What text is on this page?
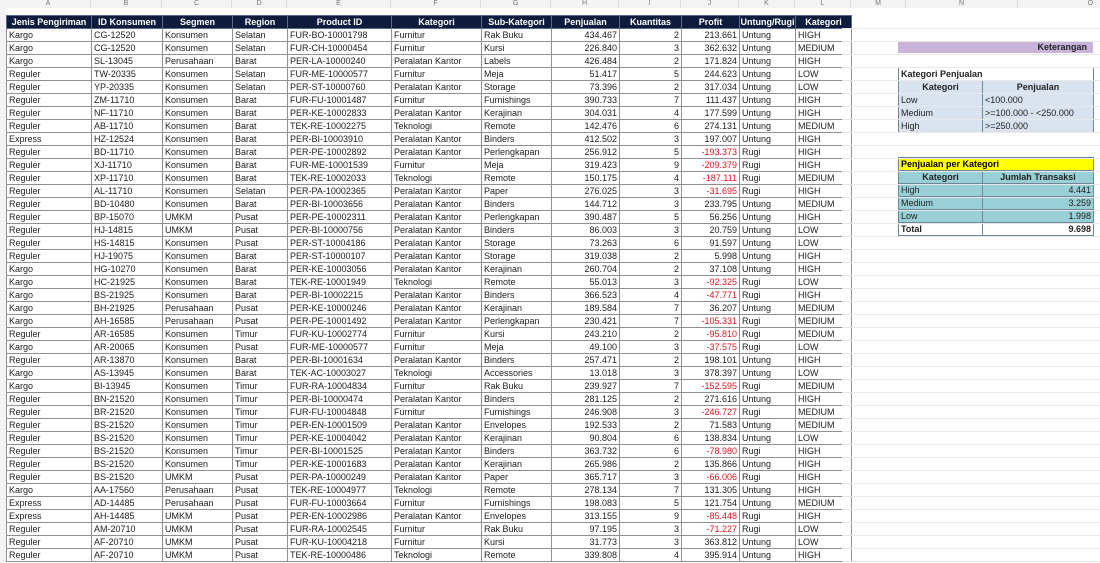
A	B	C	D	E	F	G	H	I	J	K	L	M	N	O
Jenis Pengiriman	ID Konsumen	Segmen	Region	Product ID	Kategori	Sub-Kategori	Penjualan	Kuantitas	Profit	Untung/Rugi	Kategori
Kargo	CG-12520	Konsumen	Selatan	FUR-BO-10001798	Furnitur	Rak Buku	434.467	2	213.661	Untung	HIGH
Kargo	CG-12520	Konsumen	Selatan	FUR-CH-10000454	Furnitur	Kursi	226.840	3	362.632	Untung	MEDIUM
Kargo	SL-13045	Perusahaan	Barat	PER-LA-10000240	Peralatan Kantor	Labels	426.484	2	171.824	Untung	HIGH
Reguler	TW-20335	Konsumen	Selatan	FUR-ME-10000577	Furnitur	Meja	51.417	5	244.623	Untung	LOW
Reguler	YP-20335	Konsumen	Selatan	PER-ST-10000760	Peralatan Kantor	Storage	73.396	2	317.034	Untung	LOW
Reguler	ZM-11710	Konsumen	Barat	FUR-FU-10001487	Furnitur	Furnishings	390.733	7	111.437	Untung	HIGH
Reguler	NF-11710	Konsumen	Barat	PER-KE-10002833	Peralatan Kantor	Kerajinan	304.031	4	177.599	Untung	HIGH
Reguler	AB-11710	Konsumen	Barat	TEK-RE-10002275	Teknologi	Remote	142.476	6	274.131	Untung	MEDIUM
Express	HZ-12524	Konsumen	Barat	PER-BI-10003910	Peralatan Kantor	Binders	412.502	3	197.007	Untung	HIGH
Reguler	BD-11710	Konsumen	Barat	PER-PE-10002892	Peralatan Kantor	Perlengkapan	256.912	5	-193.373	Rugi	HIGH
Reguler	XJ-11710	Konsumen	Barat	FUR-ME-10001539	Furnitur	Meja	319.423	9	-209.379	Rugi	HIGH
Reguler	XP-11710	Konsumen	Barat	TEK-RE-10002033	Teknologi	Remote	150.175	4	-187.111	Rugi	MEDIUM
Reguler	AL-11710	Konsumen	Selatan	PER-PA-10002365	Peralatan Kantor	Paper	276.025	3	-31.695	Rugi	HIGH
Reguler	BD-10480	Konsumen	Barat	PER-BI-10003656	Peralatan Kantor	Binders	144.712	3	233.795	Untung	MEDIUM
Reguler	BP-15070	UMKM	Pusat	PER-PE-10002311	Peralatan Kantor	Perlengkapan	390.487	5	56.256	Untung	HIGH
Reguler	HJ-14815	UMKM	Pusat	PER-BI-10000756	Peralatan Kantor	Binders	86.003	3	20.759	Untung	LOW
Reguler	HS-14815	Konsumen	Pusat	PER-ST-10004186	Peralatan Kantor	Storage	73.263	6	91.597	Untung	LOW
Reguler	HJ-19075	Konsumen	Barat	PER-ST-10000107	Peralatan Kantor	Storage	319.038	2	5.998	Untung	HIGH
Kargo	HG-10270	Konsumen	Barat	PER-KE-10003056	Peralatan Kantor	Kerajinan	260.704	2	37.108	Untung	HIGH
Kargo	HC-21925	Konsumen	Barat	TEK-RE-10001949	Teknologi	Remote	55.013	3	-92.325	Rugi	LOW
Kargo	BS-21925	Konsumen	Barat	PER-BI-10002215	Peralatan Kantor	Binders	366.523	4	-47.771	Rugi	HIGH
Kargo	BH-21925	Perusahaan	Pusat	PER-KE-10000246	Peralatan Kantor	Kerajinan	189.584	7	36.207	Untung	MEDIUM
Kargo	AH-16585	Perusahaan	Pusat	PER-PE-10001492	Peralatan Kantor	Perlengkapan	230.421	7	-105.331	Rugi	MEDIUM
Reguler	AR-16585	Konsumen	Timur	FUR-KU-10002774	Furnitur	Kursi	243.210	2	-95.810	Rugi	MEDIUM
Kargo	AR-20065	Konsumen	Pusat	FUR-ME-10000577	Furnitur	Meja	49.100	3	-37.575	Rugi	LOW
Reguler	AR-13870	Konsumen	Barat	PER-BI-10001634	Peralatan Kantor	Binders	257.471	2	198.101	Untung	HIGH
Kargo	AS-13945	Konsumen	Barat	TEK-AC-10003027	Teknologi	Accessories	13.018	3	378.397	Untung	LOW
Kargo	BI-13945	Konsumen	Timur	FUR-RA-10004834	Furnitur	Rak Buku	239.927	7	-152.595	Rugi	MEDIUM
Reguler	BN-21520	Konsumen	Timur	PER-BI-10000474	Peralatan Kantor	Binders	281.125	2	271.616	Untung	HIGH
Reguler	BR-21520	Konsumen	Timur	FUR-FU-10004848	Furnitur	Furnishings	246.908	3	-246.727	Rugi	MEDIUM
Reguler	BS-21520	Konsumen	Timur	PER-EN-10001509	Peralatan Kantor	Envelopes	192.533	2	71.583	Untung	MEDIUM
Reguler	BS-21520	Konsumen	Timur	PER-KE-10004042	Peralatan Kantor	Kerajinan	90.804	6	138.834	Untung	LOW
Reguler	BS-21520	Konsumen	Timur	PER-BI-10001525	Peralatan Kantor	Binders	363.732	6	-78.980	Rugi	HIGH
Reguler	BS-21520	Konsumen	Timur	PER-KE-10001683	Peralatan Kantor	Kerajinan	265.986	2	135.866	Untung	HIGH
Reguler	BS-21520	UMKM	Pusat	PER-PA-10000249	Peralatan Kantor	Paper	365.717	3	-66.006	Rugi	HIGH
Kargo	AA-17560	Perusahaan	Pusat	TEK-RE-10004977	Teknologi	Remote	278.134	7	131.305	Untung	HIGH
Express	AD-14485	Perusahaan	Pusat	FUR-FU-10003664	Furnitur	Furnishings	198.083	5	121.754	Untung	MEDIUM
Express	AH-14485	UMKM	Pusat	PER-EN-10002986	Peralatan Kantor	Envelopes	313.155	9	-85.448	Rugi	HIGH
Reguler	AM-20710	UMKM	Pusat	FUR-RA-10002545	Furnitur	Rak Buku	97.195	3	-71.227	Rugi	LOW
Reguler	AF-20710	UMKM	Pusat	FUR-KU-10004218	Furnitur	Kursi	31.773	3	363.812	Untung	LOW
Reguler	AF-20710	UMKM	Pusat	TEK-RE-10000486	Teknologi	Remote	339.808	4	395.914	Untung	HIGH
Keterangan
Kategori Penjualan	
Kategori	Penjualan
Low	<100.000
Medium	>=100.000 - <250.000
High	>=250.000
Penjualan per Kategori	
Kategori	Jumlah Transaksi
High	4.441
Medium	3.259
Low	1.998
Total	9.698
